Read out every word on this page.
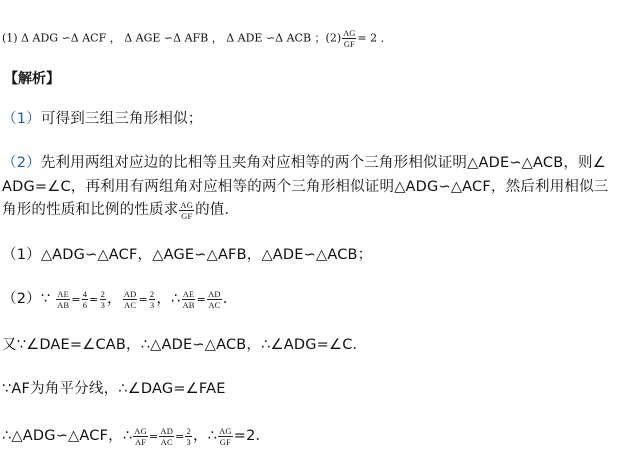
(1) Δ ADG ∽Δ ACF ， Δ AGE ∽Δ AFB ， Δ ADE ∽Δ ACB ；$(2) \frac{AG}{GF} = 2$ ．
【解析】
（1）可得到三组三角形相似；
（2）先利用两组对应边的比相等且夹角对应相等的两个三角形相似证明△ADE∽△ACB，则∠
ADG=∠C，再利用有两组角对应相等的两个三角形相似证明△ADG∽△ACF，然后利用相似三
角形的性质和比例的性质求 $\frac{AG}{GF}$ 的值．
（1）△ADG∽△ACF，△AGE∽△AFB，△ADE∽△ACB；
（2）∵ $\frac{AE}{AB} = \frac{4}{6} = \frac{2}{3}$ ， $\frac{AD}{AC} = \frac{2}{3}$ ，∴ $\frac{AE}{AB} = \frac{AD}{AC}$ ．
又∵∠DAE=∠CAB，∴△ADE∽△ACB，∴∠ADG=∠C．
∵AF为角平分线，∴∠DAG=∠FAE
∴△ADG∽△ACF，∴ $\frac{AG}{AF} = \frac{AD}{AC} = \frac{2}{3}$ ，∴ $\frac{AG}{GF} =2$．
